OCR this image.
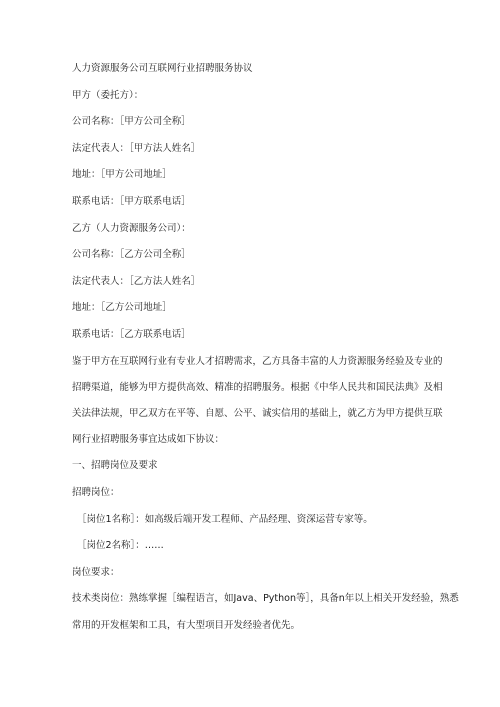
人力资源服务公司互联网行业招聘服务协议
甲方（委托方）：
公司名称：［甲方公司全称］
法定代表人：［甲方法人姓名］
地址：［甲方公司地址］
联系电话：［甲方联系电话］
乙方（人力资源服务公司）：
公司名称：［乙方公司全称］
法定代表人：［乙方法人姓名］
地址：［乙方公司地址］
联系电话：［乙方联系电话］
鉴于甲方在互联网行业有专业人才招聘需求，乙方具备丰富的人力资源服务经验及专业的
招聘渠道，能够为甲方提供高效、精准的招聘服务。根据《中华人民共和国民法典》及相
关法律法规，甲乙双方在平等、自愿、公平、诚实信用的基础上，就乙方为甲方提供互联
网行业招聘服务事宜达成如下协议：
一、招聘岗位及要求
招聘岗位：
［岗位1名称］：如高级后端开发工程师、产品经理、资深运营专家等。
［岗位2名称］：……
岗位要求：
技术类岗位：熟练掌握［编程语言，如Java、Python等］，具备n年以上相关开发经验，熟悉
常用的开发框架和工具，有大型项目开发经验者优先。
